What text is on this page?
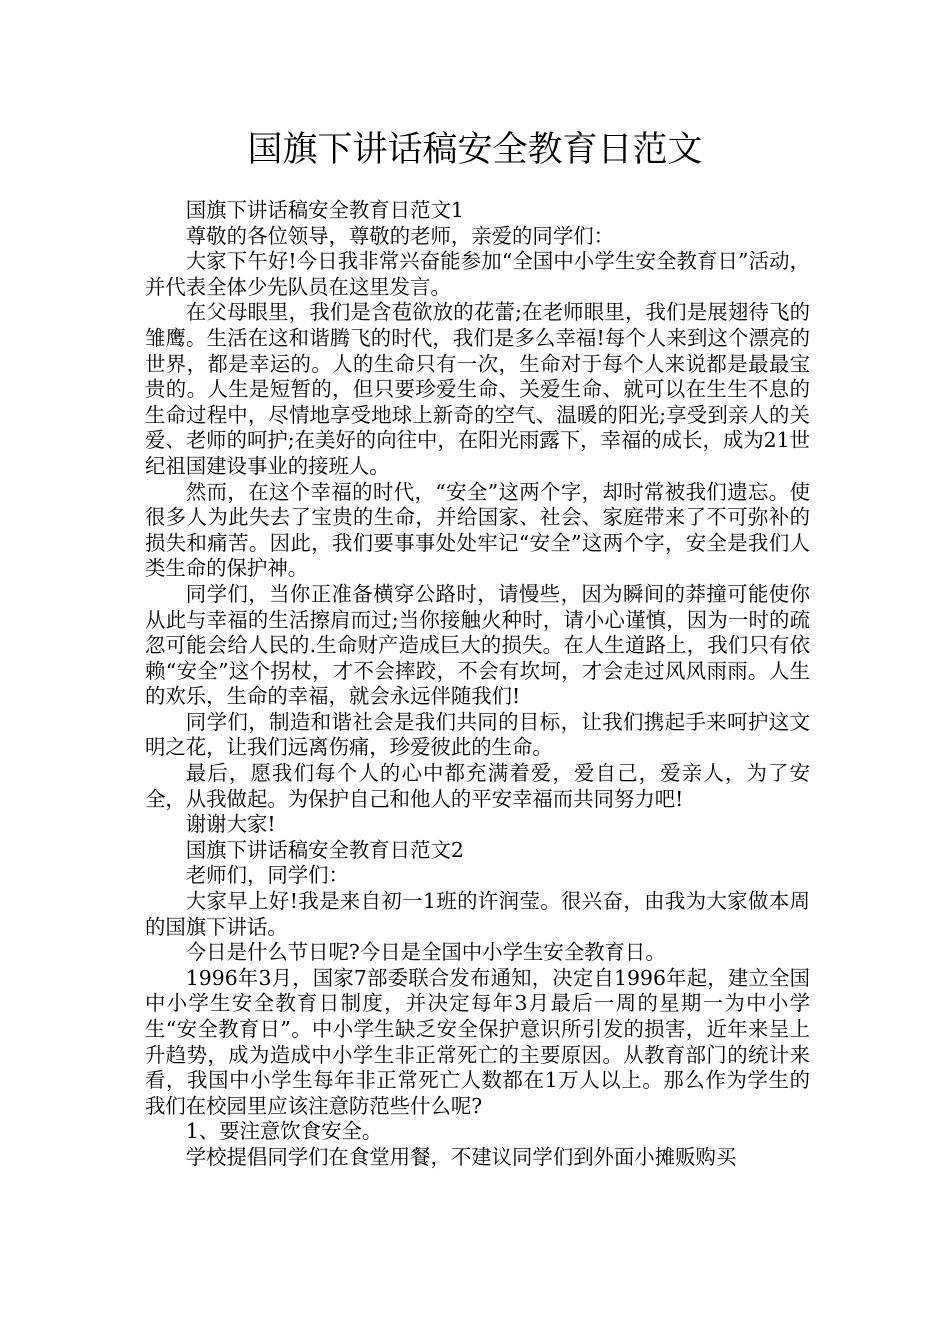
国旗下讲话稿安全教育日范文

国旗下讲话稿安全教育日范文1

尊敬的各位领导，尊敬的老师，亲爱的同学们：

大家下午好!今日我非常兴奋能参加“全国中小学生安全教育日”活动，并代表全体少先队员在这里发言。

在父母眼里，我们是含苞欲放的花蕾;在老师眼里，我们是展翅待飞的雏鹰。生活在这和谐腾飞的时代，我们是多么幸福!每个人来到这个漂亮的世界，都是幸运的。人的生命只有一次，生命对于每个人来说都是最最宝贵的。人生是短暂的，但只要珍爱生命、关爱生命、就可以在生生不息的生命过程中，尽情地享受地球上新奇的空气、温暖的阳光;享受到亲人的关爱、老师的呵护;在美好的向往中，在阳光雨露下，幸福的成长，成为21世纪祖国建设事业的接班人。

然而，在这个幸福的时代，“安全”这两个字，却时常被我们遗忘。使很多人为此失去了宝贵的生命，并给国家、社会、家庭带来了不可弥补的损失和痛苦。因此，我们要事事处处牢记“安全”这两个字，安全是我们人类生命的保护神。

同学们，当你正准备横穿公路时，请慢些，因为瞬间的莽撞可能使你从此与幸福的生活擦肩而过;当你接触火种时，请小心谨慎，因为一时的疏忽可能会给人民的.生命财产造成巨大的损失。在人生道路上，我们只有依赖“安全”这个拐杖，才不会摔跤，不会有坎坷，才会走过风风雨雨。人生的欢乐，生命的幸福，就会永远伴随我们!

同学们，制造和谐社会是我们共同的目标，让我们携起手来呵护这文明之花，让我们远离伤痛，珍爱彼此的生命。

最后，愿我们每个人的心中都充满着爱，爱自己，爱亲人，为了安全，从我做起。为保护自己和他人的平安幸福而共同努力吧!

谢谢大家!

国旗下讲话稿安全教育日范文2

老师们，同学们：

大家早上好!我是来自初一1班的许润莹。很兴奋，由我为大家做本周的国旗下讲话。

今日是什么节日呢?今日是全国中小学生安全教育日。

1996年3月，国家7部委联合发布通知，决定自1996年起，建立全国中小学生安全教育日制度，并决定每年3月最后一周的星期一为中小学生“安全教育日”。中小学生缺乏安全保护意识所引发的损害，近年来呈上升趋势，成为造成中小学生非正常死亡的主要原因。从教育部门的统计来看，我国中小学生每年非正常死亡人数都在1万人以上。那么作为学生的我们在校园里应该注意防范些什么呢?

1、要注意饮食安全。

学校提倡同学们在食堂用餐，不建议同学们到外面小摊贩购买
